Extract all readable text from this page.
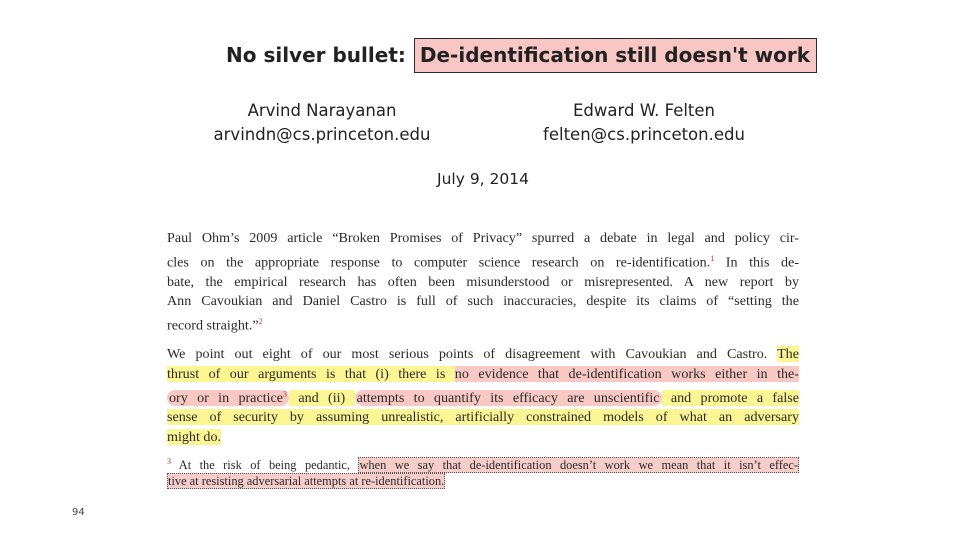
No silver bullet: De-identification still doesn't work
Arvind Narayanan
arvindn@cs.princeton.edu
Edward W. Felten
felten@cs.princeton.edu
July 9, 2014
Paul Ohm’s 2009 article “Broken Promises of Privacy” spurred a debate in legal and policy cir-
cles on the appropriate response to computer science research on re-identification.$^1$ In this de-
bate, the empirical research has often been misunderstood or misrepresented. A new report by
Ann Cavoukian and Daniel Castro is full of such inaccuracies, despite its claims of “setting the
record straight.”$^2$
We point out eight of our most serious points of disagreement with Cavoukian and Castro. The
thrust of our arguments is that (i) there is no evidence that de-identification works either in the-
ory or in practice$^3$ and (ii) attempts to quantify its efficacy are unscientific and promote a false
sense of security by assuming unrealistic, artificially constrained models of what an adversary
might do.
$^3$ At the risk of being pedantic, when we say that de-identification doesn’t work we mean that it isn’t effec-
tive at resisting adversarial attempts at re-identification.
94
